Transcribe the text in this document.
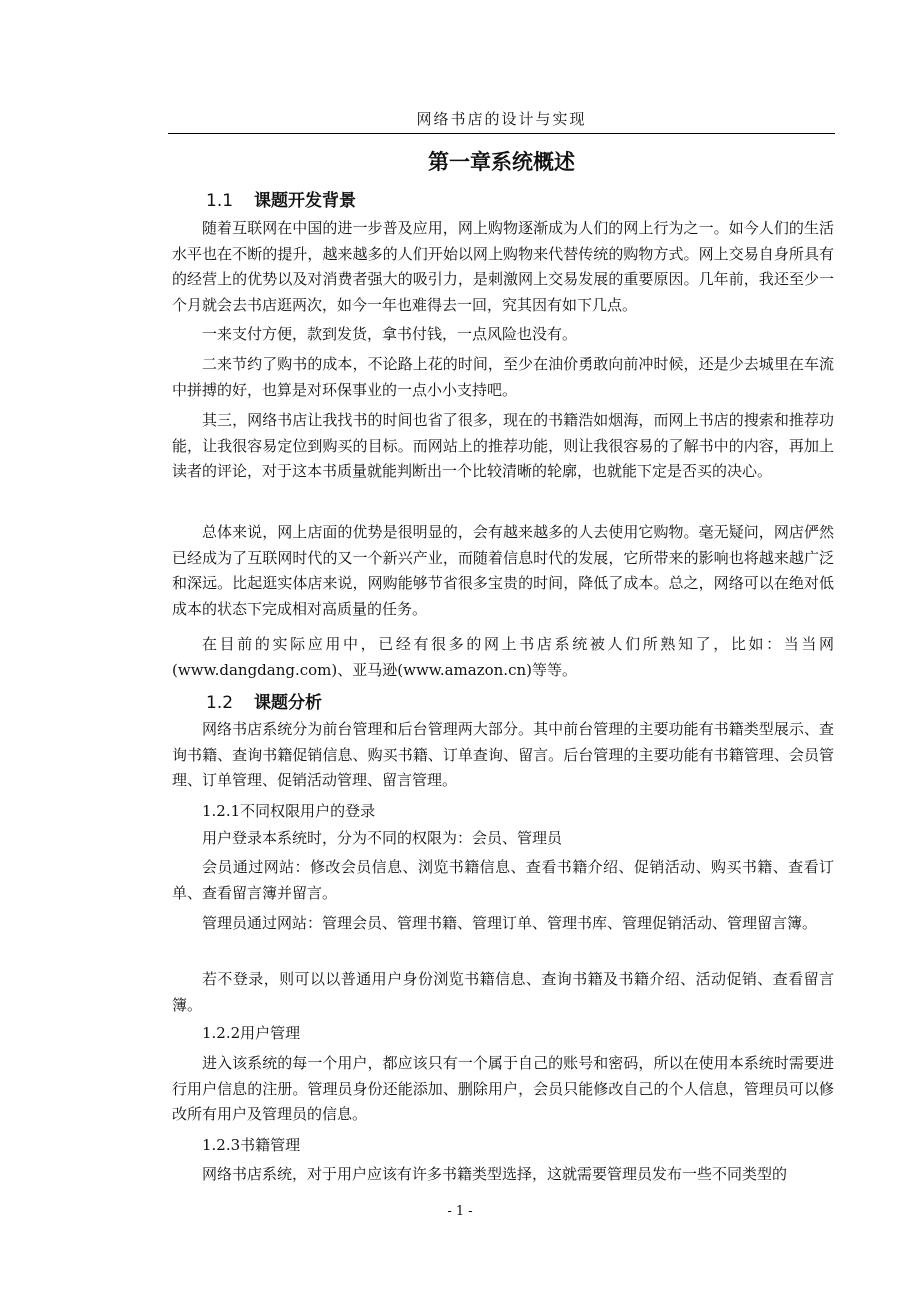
网络书店的设计与实现
第一章系统概述
1.1 课题开发背景

随着互联网在中国的进一步普及应用，网上购物逐渐成为人们的网上行为之一。如今人们的生活水平也在不断的提升，越来越多的人们开始以网上购物来代替传统的购物方式。网上交易自身所具有的经营上的优势以及对消费者强大的吸引力，是刺激网上交易发展的重要原因。几年前，我还至少一个月就会去书店逛两次，如今一年也难得去一回，究其因有如下几点。

一来支付方便，款到发货，拿书付钱，一点风险也没有。

二来节约了购书的成本，不论路上花的时间，至少在油价勇敢向前冲时候，还是少去城里在车流中拼搏的好，也算是对环保事业的一点小小支持吧。

其三，网络书店让我找书的时间也省了很多，现在的书籍浩如烟海，而网上书店的搜索和推荐功能，让我很容易定位到购买的目标。而网站上的推荐功能，则让我很容易的了解书中的内容，再加上读者的评论，对于这本书质量就能判断出一个比较清晰的轮廓，也就能下定是否买的决心。

总体来说，网上店面的优势是很明显的，会有越来越多的人去使用它购物。毫无疑问，网店俨然已经成为了互联网时代的又一个新兴产业，而随着信息时代的发展，它所带来的影响也将越来越广泛和深远。比起逛实体店来说，网购能够节省很多宝贵的时间，降低了成本。总之，网络可以在绝对低成本的状态下完成相对高质量的任务。

在目前的实际应用中，已经有很多的网上书店系统被人们所熟知了，比如：当当网(www.dangdang.com)、亚马逊(www.amazon.cn)等等。

1.2 课题分析

网络书店系统分为前台管理和后台管理两大部分。其中前台管理的主要功能有书籍类型展示、查询书籍、查询书籍促销信息、购买书籍、订单查询、留言。后台管理的主要功能有书籍管理、会员管理、订单管理、促销活动管理、留言管理。

1.2.1不同权限用户的登录

用户登录本系统时，分为不同的权限为：会员、管理员

会员通过网站：修改会员信息、浏览书籍信息、查看书籍介绍、促销活动、购买书籍、查看订单、查看留言簿并留言。

管理员通过网站：管理会员、管理书籍、管理订单、管理书库、管理促销活动、管理留言簿。

若不登录，则可以以普通用户身份浏览书籍信息、查询书籍及书籍介绍、活动促销、查看留言簿。

1.2.2用户管理

进入该系统的每一个用户，都应该只有一个属于自己的账号和密码，所以在使用本系统时需要进行用户信息的注册。管理员身份还能添加、删除用户，会员只能修改自己的个人信息，管理员可以修改所有用户及管理员的信息。

1.2.3书籍管理

网络书店系统，对于用户应该有许多书籍类型选择，这就需要管理员发布一些不同类型的

- 1 -
